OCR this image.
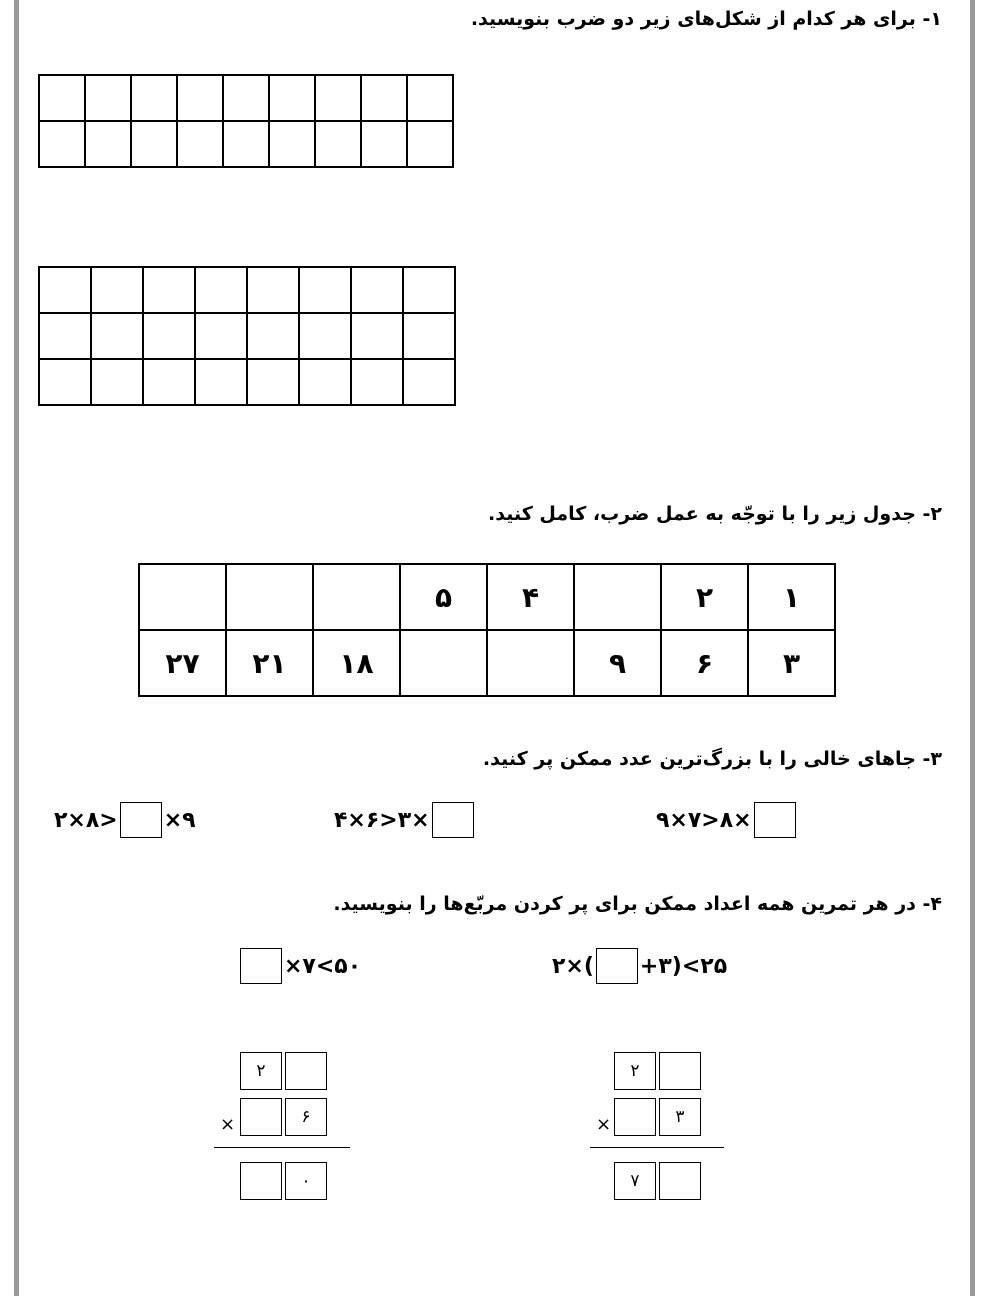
۱- برای هر کدام از شکل‌های زیر دو ضرب بنویسید.

۲- جدول زیر را با توجّه به عمل ضرب، کامل کنید.
۱	۲		۴	۵			
۳	۶	۹			۱۸	۲۱	۲۷
۳- جاهای خالی را با بزرگ‌ترین عدد ممکن پر کنید.
۹×۷>۸×
۴×۶>۳×
۲×۸> ×۹
۴- در هر تمرین همه اعداد ممکن برای پر کردن مربّع‌ها را بنویسید.
۲×( +۳)<۲۵
×۷<۵۰
۲
×	۶
۰
۲
×	۳
۷
